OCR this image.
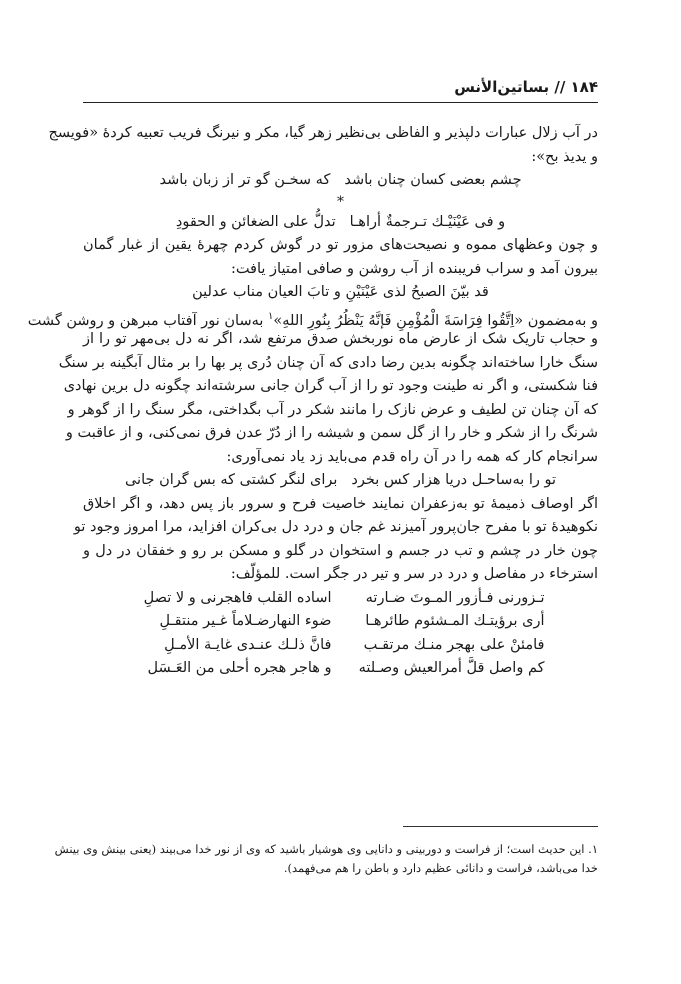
۱۸۴ // بساتین‌الأنس
در آب زلال عبارات دلپذیر و الفاظی بی‌نظیر زهر گیا، مکر و نیرنگ فریب تعبیه کردهٔ «فویسج
و یدیذ بح»:
چشم بعضی کسان چنان باشد
که سخـن گو تر از زبان باشد
*
و فی عَیْنَیْـك تـرجمةٌ أراهـا
تدلُّ علی الضغائن و الحقودِ
و چون وعظهای مموه و نصیحت‌های مزور تو در گوش کردم چهرهٔ یقین از غبار گمان
بیرون آمد و سراب فریبنده از آب روشن و صافی امتیاز یافت:
قد بیّنَ الصبحُ لذی عَیْنَیْنِ و تابَ العیان مناب عدلین
و به‌مضمون «اِتَّقُوا فِرَاسَةَ الْمُؤْمِنِ فَإنَّهُ یَنْظُرُ بِنُورِ اللهِ»$^۱$ به‌سان نور آفتاب مبرهن و روشن گشت
و حجاب تاریک شک از عارض ماه نوربخش صدق مرتفع شد، اگر نه دل بی‌مهر تو را از
سنگ خارا ساخته‌اند چگونه بدین رضا دادی که آن چنان دُری پر بها را بر مثال آبگینه بر سنگ
فنا شکستی، و اگر نه طینت وجود تو را از آب گران جانی سرشته‌اند چگونه دل برین نهادی
که آن چنان تن لطیف و عرض نازک را مانند شکر در آب بگداختی، مگر سنگ را از گوهر و
شرنگ را از شکر و خار را از گل سمن و شیشه را از دُرّ عدن فرق نمی‌کنی، و از عاقبت و
سرانجام کار که همه را در آن راه قدم می‌باید زد یاد نمی‌آوری:
تو را به‌ساحـل دریا هزار کس بخرد
برای لنگر کشتی که بس گران جانی
اگر اوصاف ذمیمهٔ تو به‌زعفران نمایند خاصیت فرح و سرور باز پس دهد، و اگر اخلاق
نکوهیدهٔ تو با مفرح جان‌پرور آمیزند غم جان و درد دل بی‌کران افزاید، مرا امروز وجود تو
چون خار در چشم و تب در جسم و استخوان در گلو و مسکن بر رو و خفقان در دل و
استرخاء در مفاصل و درد در سر و تیر در جگر است. للمؤلّف:
تـزورنی فـأزور المـوتَ ضـارته
اساده القلب فاهجرنی و لا تصلِ
أری برؤیتـك المـشئوم طائرهـا
ضوء النهارضـلاماً غـیر منتقـلِ
فامئنْ علی بهجر منـك مرتقـب
فانَّ ذلـك عنـدی غایـة الأمـلِ
کم واصل قلَّ أمرالعیش وصـلته
و هاجر هجره أحلی من العَـسَل
۱. این حدیث است؛ از فراست و دوربینی و دانایی وی هوشیار باشید که وی از نور خدا می‌بیند (یعنی بینش وی بینش
خدا می‌باشد، فراست و دانائی عظیم دارد و باطن را هم می‌فهمد).
